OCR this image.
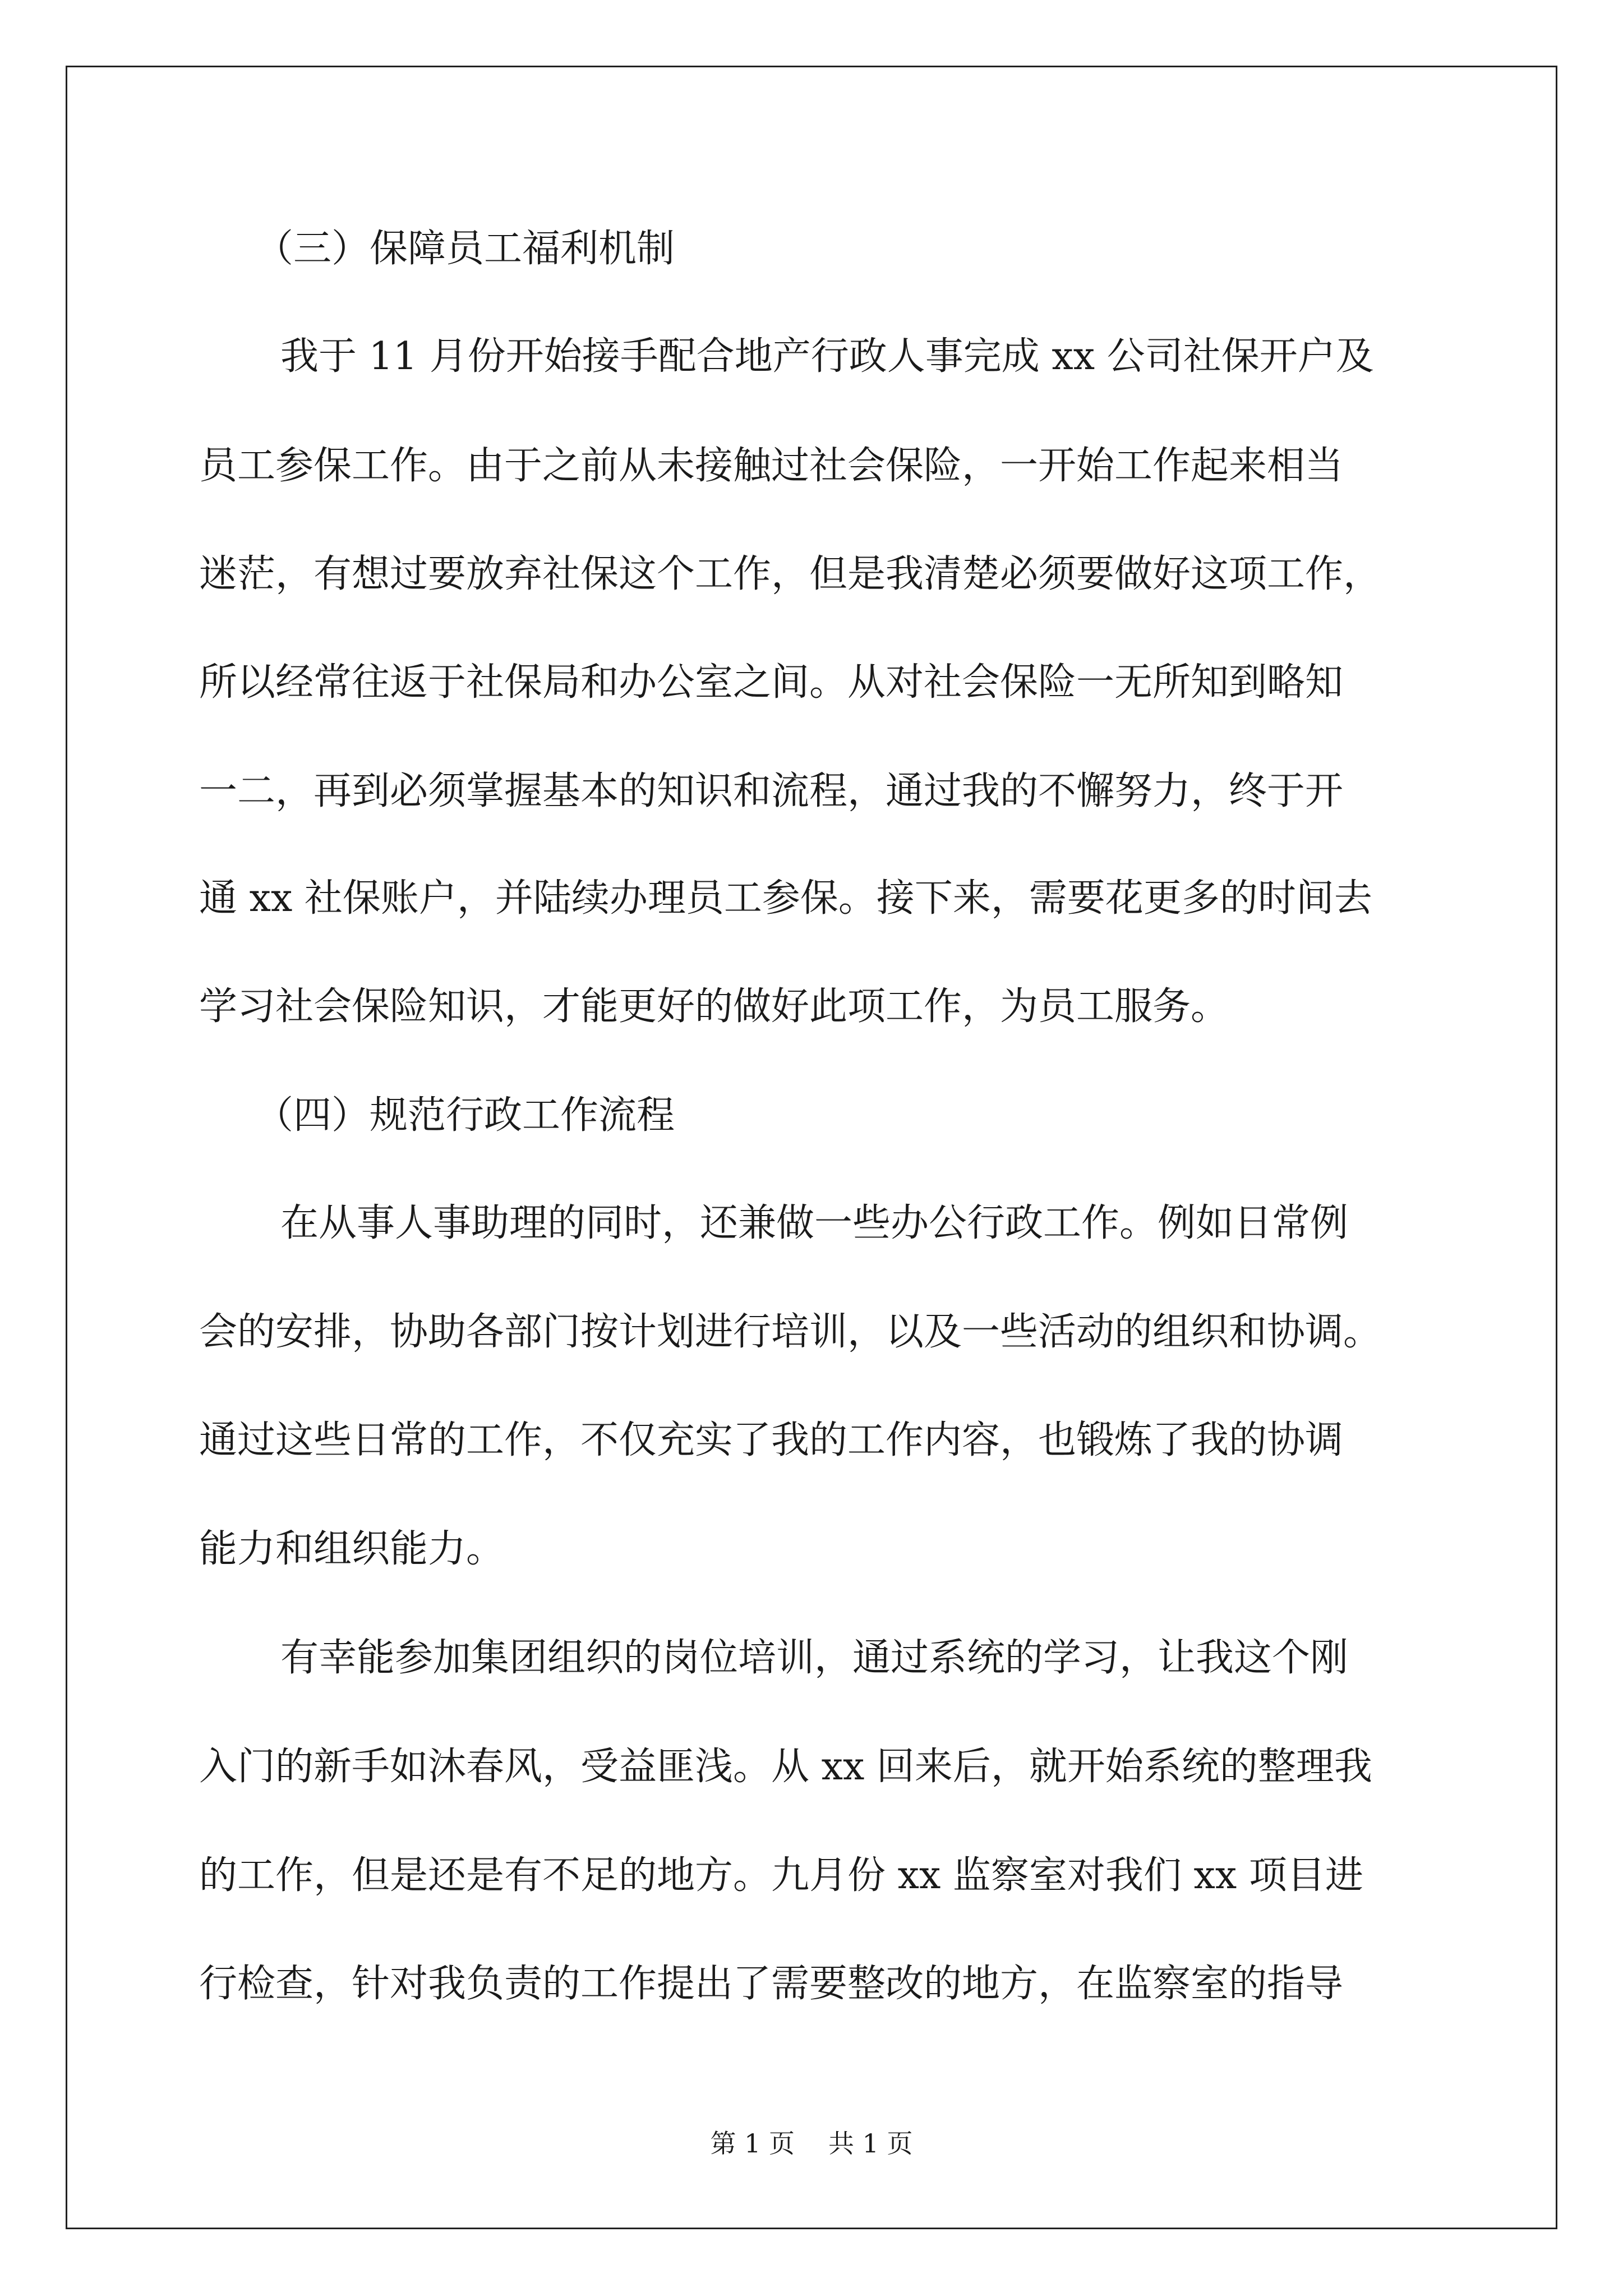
（三）保障员工福利机制
我于 11 月份开始接手配合地产行政人事完成 xx 公司社保开户及
员工参保工作。由于之前从未接触过社会保险，一开始工作起来相当
迷茫，有想过要放弃社保这个工作，但是我清楚必须要做好这项工作，
所以经常往返于社保局和办公室之间。从对社会保险一无所知到略知
一二，再到必须掌握基本的知识和流程，通过我的不懈努力，终于开
通 xx 社保账户，并陆续办理员工参保。接下来，需要花更多的时间去
学习社会保险知识，才能更好的做好此项工作，为员工服务。
（四）规范行政工作流程
在从事人事助理的同时，还兼做一些办公行政工作。例如日常例
会的安排，协助各部门按计划进行培训，以及一些活动的组织和协调。
通过这些日常的工作，不仅充实了我的工作内容，也锻炼了我的协调
能力和组织能力。
有幸能参加集团组织的岗位培训，通过系统的学习，让我这个刚
入门的新手如沐春风，受益匪浅。从 xx 回来后，就开始系统的整理我
的工作，但是还是有不足的地方。九月份 xx 监察室对我们 xx 项目进
行检查，针对我负责的工作提出了需要整改的地方，在监察室的指导
第 1 页 共 1 页
